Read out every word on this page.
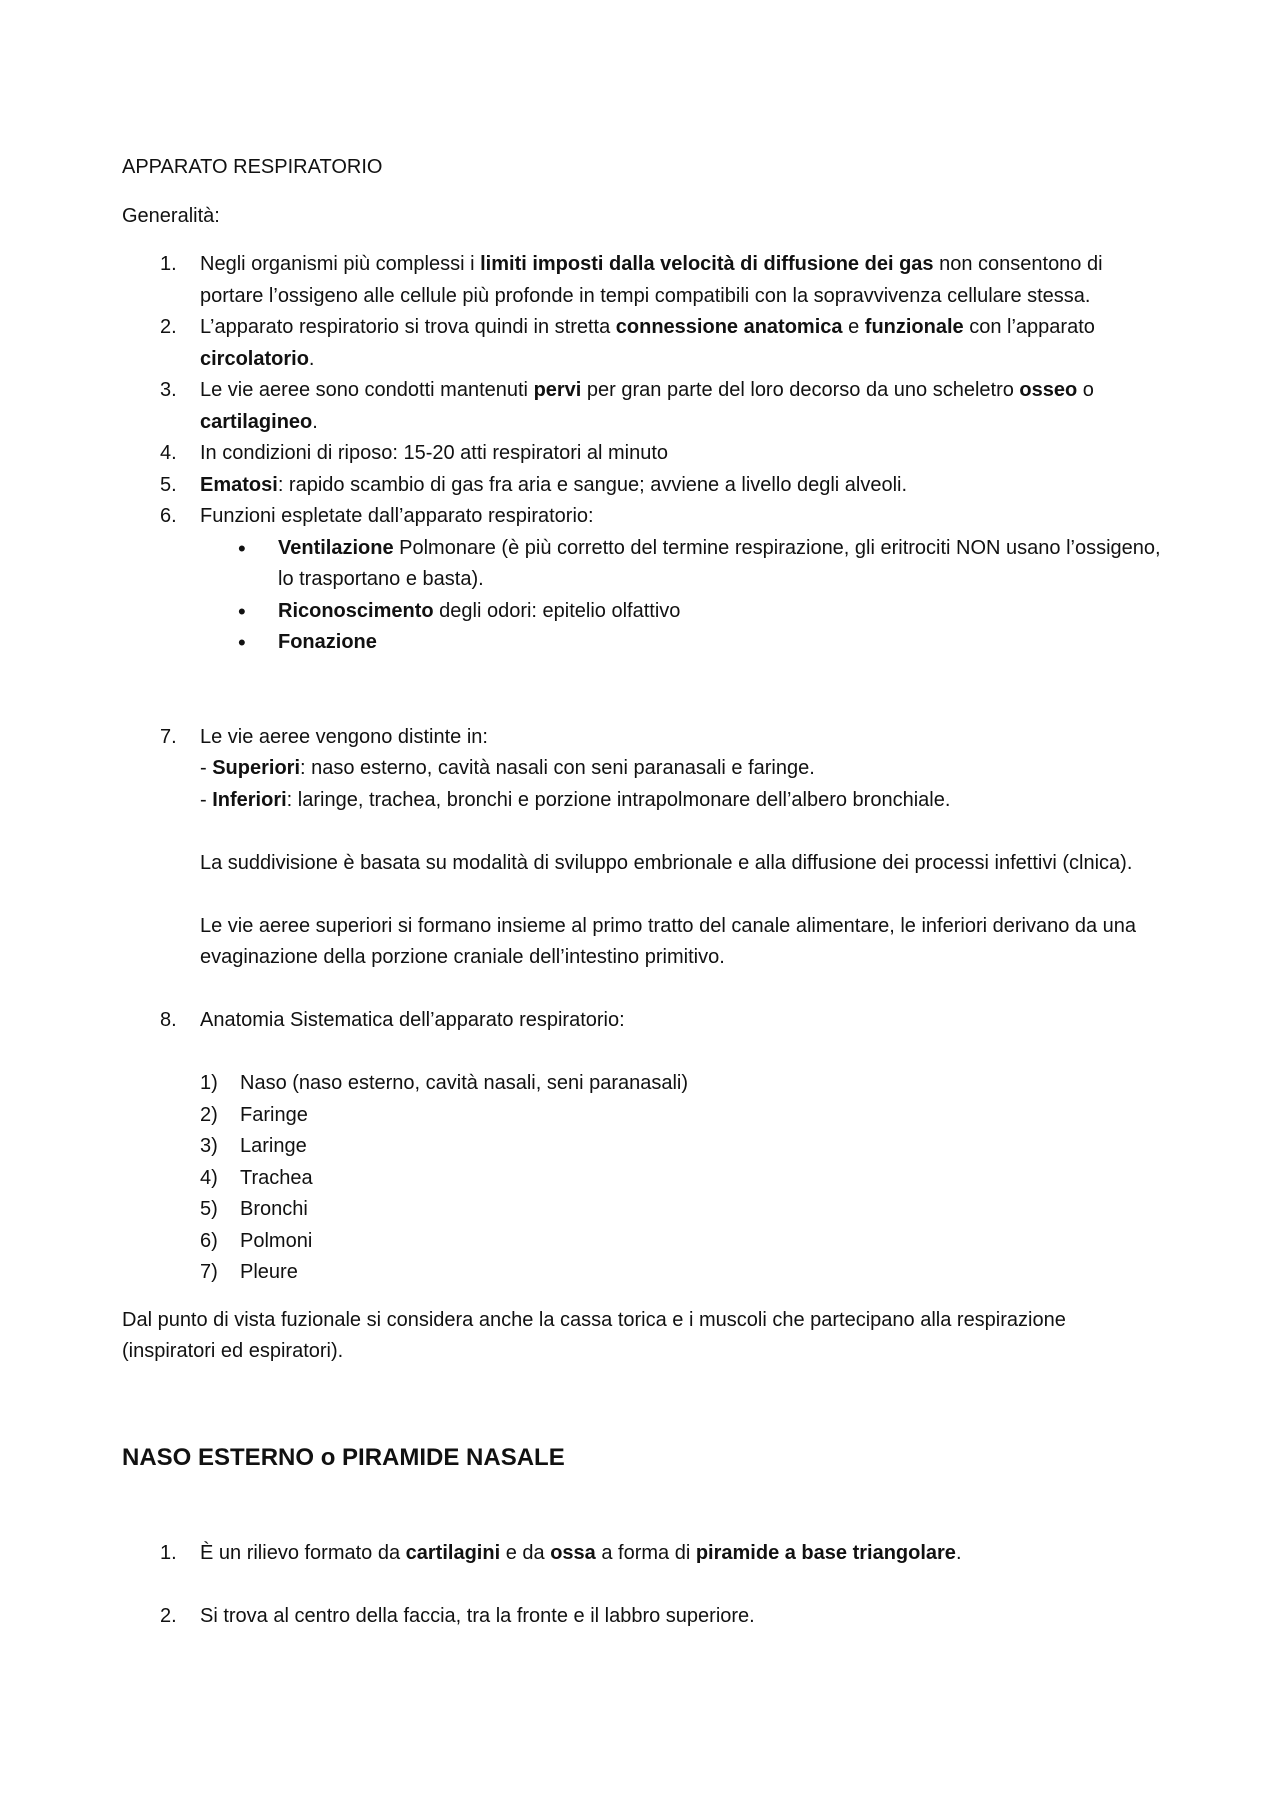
APPARATO RESPIRATORIO

Generalità:

1.	Negli organismi più complessi i limiti imposti dalla velocità di diffusione dei gas non consentono di portare l’ossigeno alle cellule più profonde in tempi compatibili con la sopravvivenza cellulare stessa.
2.	L’apparato respiratorio si trova quindi in stretta connessione anatomica e funzionale con l’apparato circolatorio.
3.	Le vie aeree sono condotti mantenuti pervi per gran parte del loro decorso da uno scheletro osseo o cartilagineo.
4.	In condizioni di riposo: 15-20 atti respiratori al minuto
5.	Ematosi: rapido scambio di gas fra aria e sangue; avviene a livello degli alveoli.
6.	Funzioni espletate dall’apparato respiratorio:
• Ventilazione Polmonare (è più corretto del termine respirazione, gli eritrociti NON usano l’ossigeno, lo trasportano e basta).
• Riconoscimento degli odori: epitelio olfattivo
• Fonazione
7.	Le vie aeree vengono distinte in:
- Superiori: naso esterno, cavità nasali con seni paranasali e faringe.
- Inferiori: laringe, trachea, bronchi e porzione intrapolmonare dell’albero bronchiale.
La suddivisione è basata su modalità di sviluppo embrionale e alla diffusione dei processi infettivi (clnica).
Le vie aeree superiori si formano insieme al primo tratto del canale alimentare, le inferiori derivano da una evaginazione della porzione craniale dell’intestino primitivo.
8.	Anatomia Sistematica dell’apparato respiratorio:
1) Naso (naso esterno, cavità nasali, seni paranasali)
2) Faringe
3) Laringe
4) Trachea
5) Bronchi
6) Polmoni
7) Pleure

Dal punto di vista fuzionale si considera anche la cassa torica e i muscoli che partecipano alla respirazione (inspiratori ed espiratori).

NASO ESTERNO o PIRAMIDE NASALE
1.	È un rilievo formato da cartilagini e da ossa a forma di piramide a base triangolare.
2.	Si trova al centro della faccia, tra la fronte e il labbro superiore.
